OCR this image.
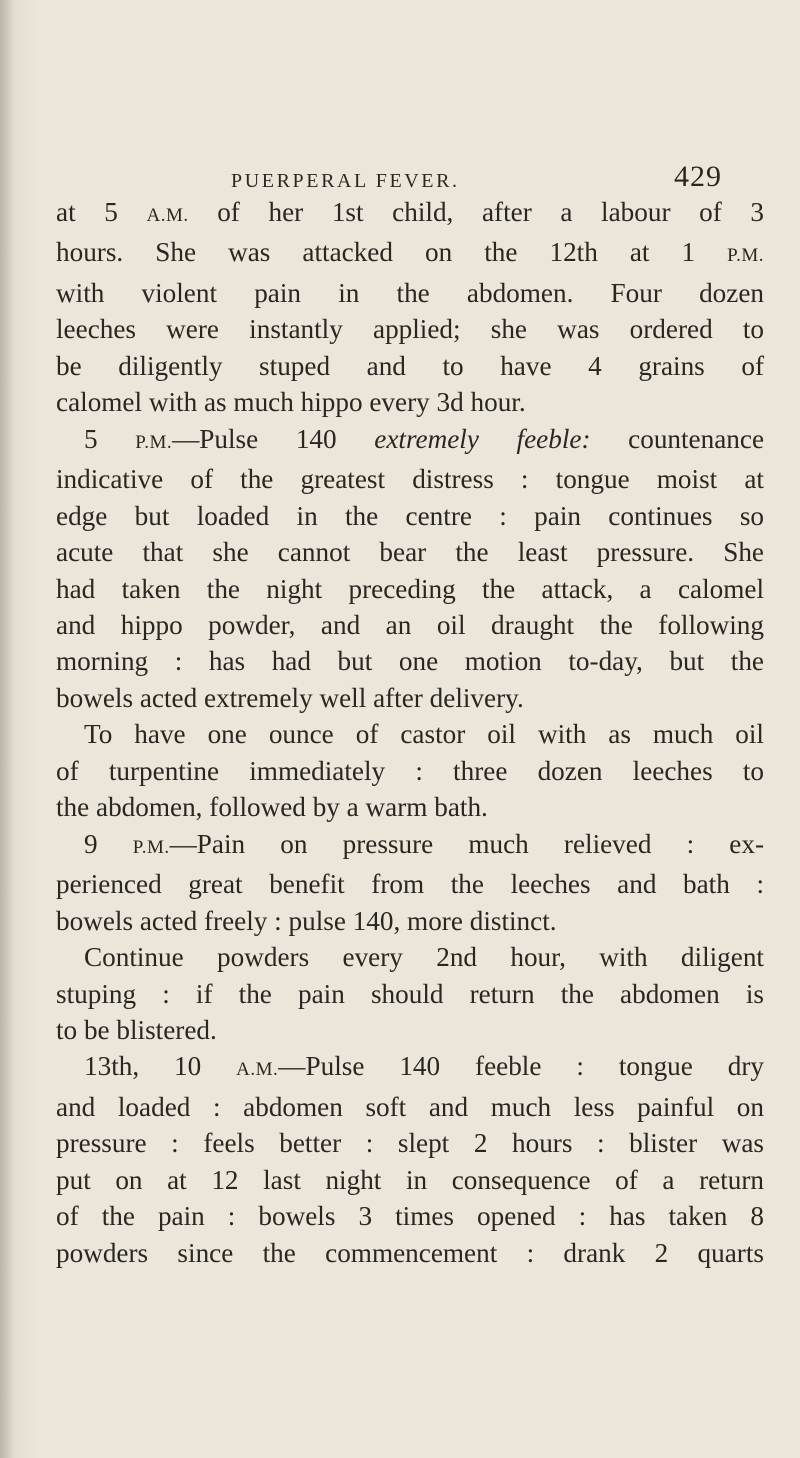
PUERPERAL FEVER.	429
at 5 A.M. of her 1st child, after a labour of 3
hours. She was attacked on the 12th at 1 P.M.
with violent pain in the abdomen. Four dozen
leeches were instantly applied; she was ordered to
be diligently stuped and to have 4 grains of
calomel with as much hippo every 3d hour.
5 P.M.—Pulse 140 extremely feeble: countenance
indicative of the greatest distress : tongue moist at
edge but loaded in the centre : pain continues so
acute that she cannot bear the least pressure. She
had taken the night preceding the attack, a calomel
and hippo powder, and an oil draught the following
morning : has had but one motion to-day, but the
bowels acted extremely well after delivery.
To have one ounce of castor oil with as much oil
of turpentine immediately : three dozen leeches to
the abdomen, followed by a warm bath.
9 P.M.—Pain on pressure much relieved : ex-
perienced great benefit from the leeches and bath :
bowels acted freely : pulse 140, more distinct.
Continue powders every 2nd hour, with diligent
stuping : if the pain should return the abdomen is
to be blistered.
13th, 10 A.M.—Pulse 140 feeble : tongue dry
and loaded : abdomen soft and much less painful on
pressure : feels better : slept 2 hours : blister was
put on at 12 last night in consequence of a return
of the pain : bowels 3 times opened : has taken 8
powders since the commencement : drank 2 quarts
